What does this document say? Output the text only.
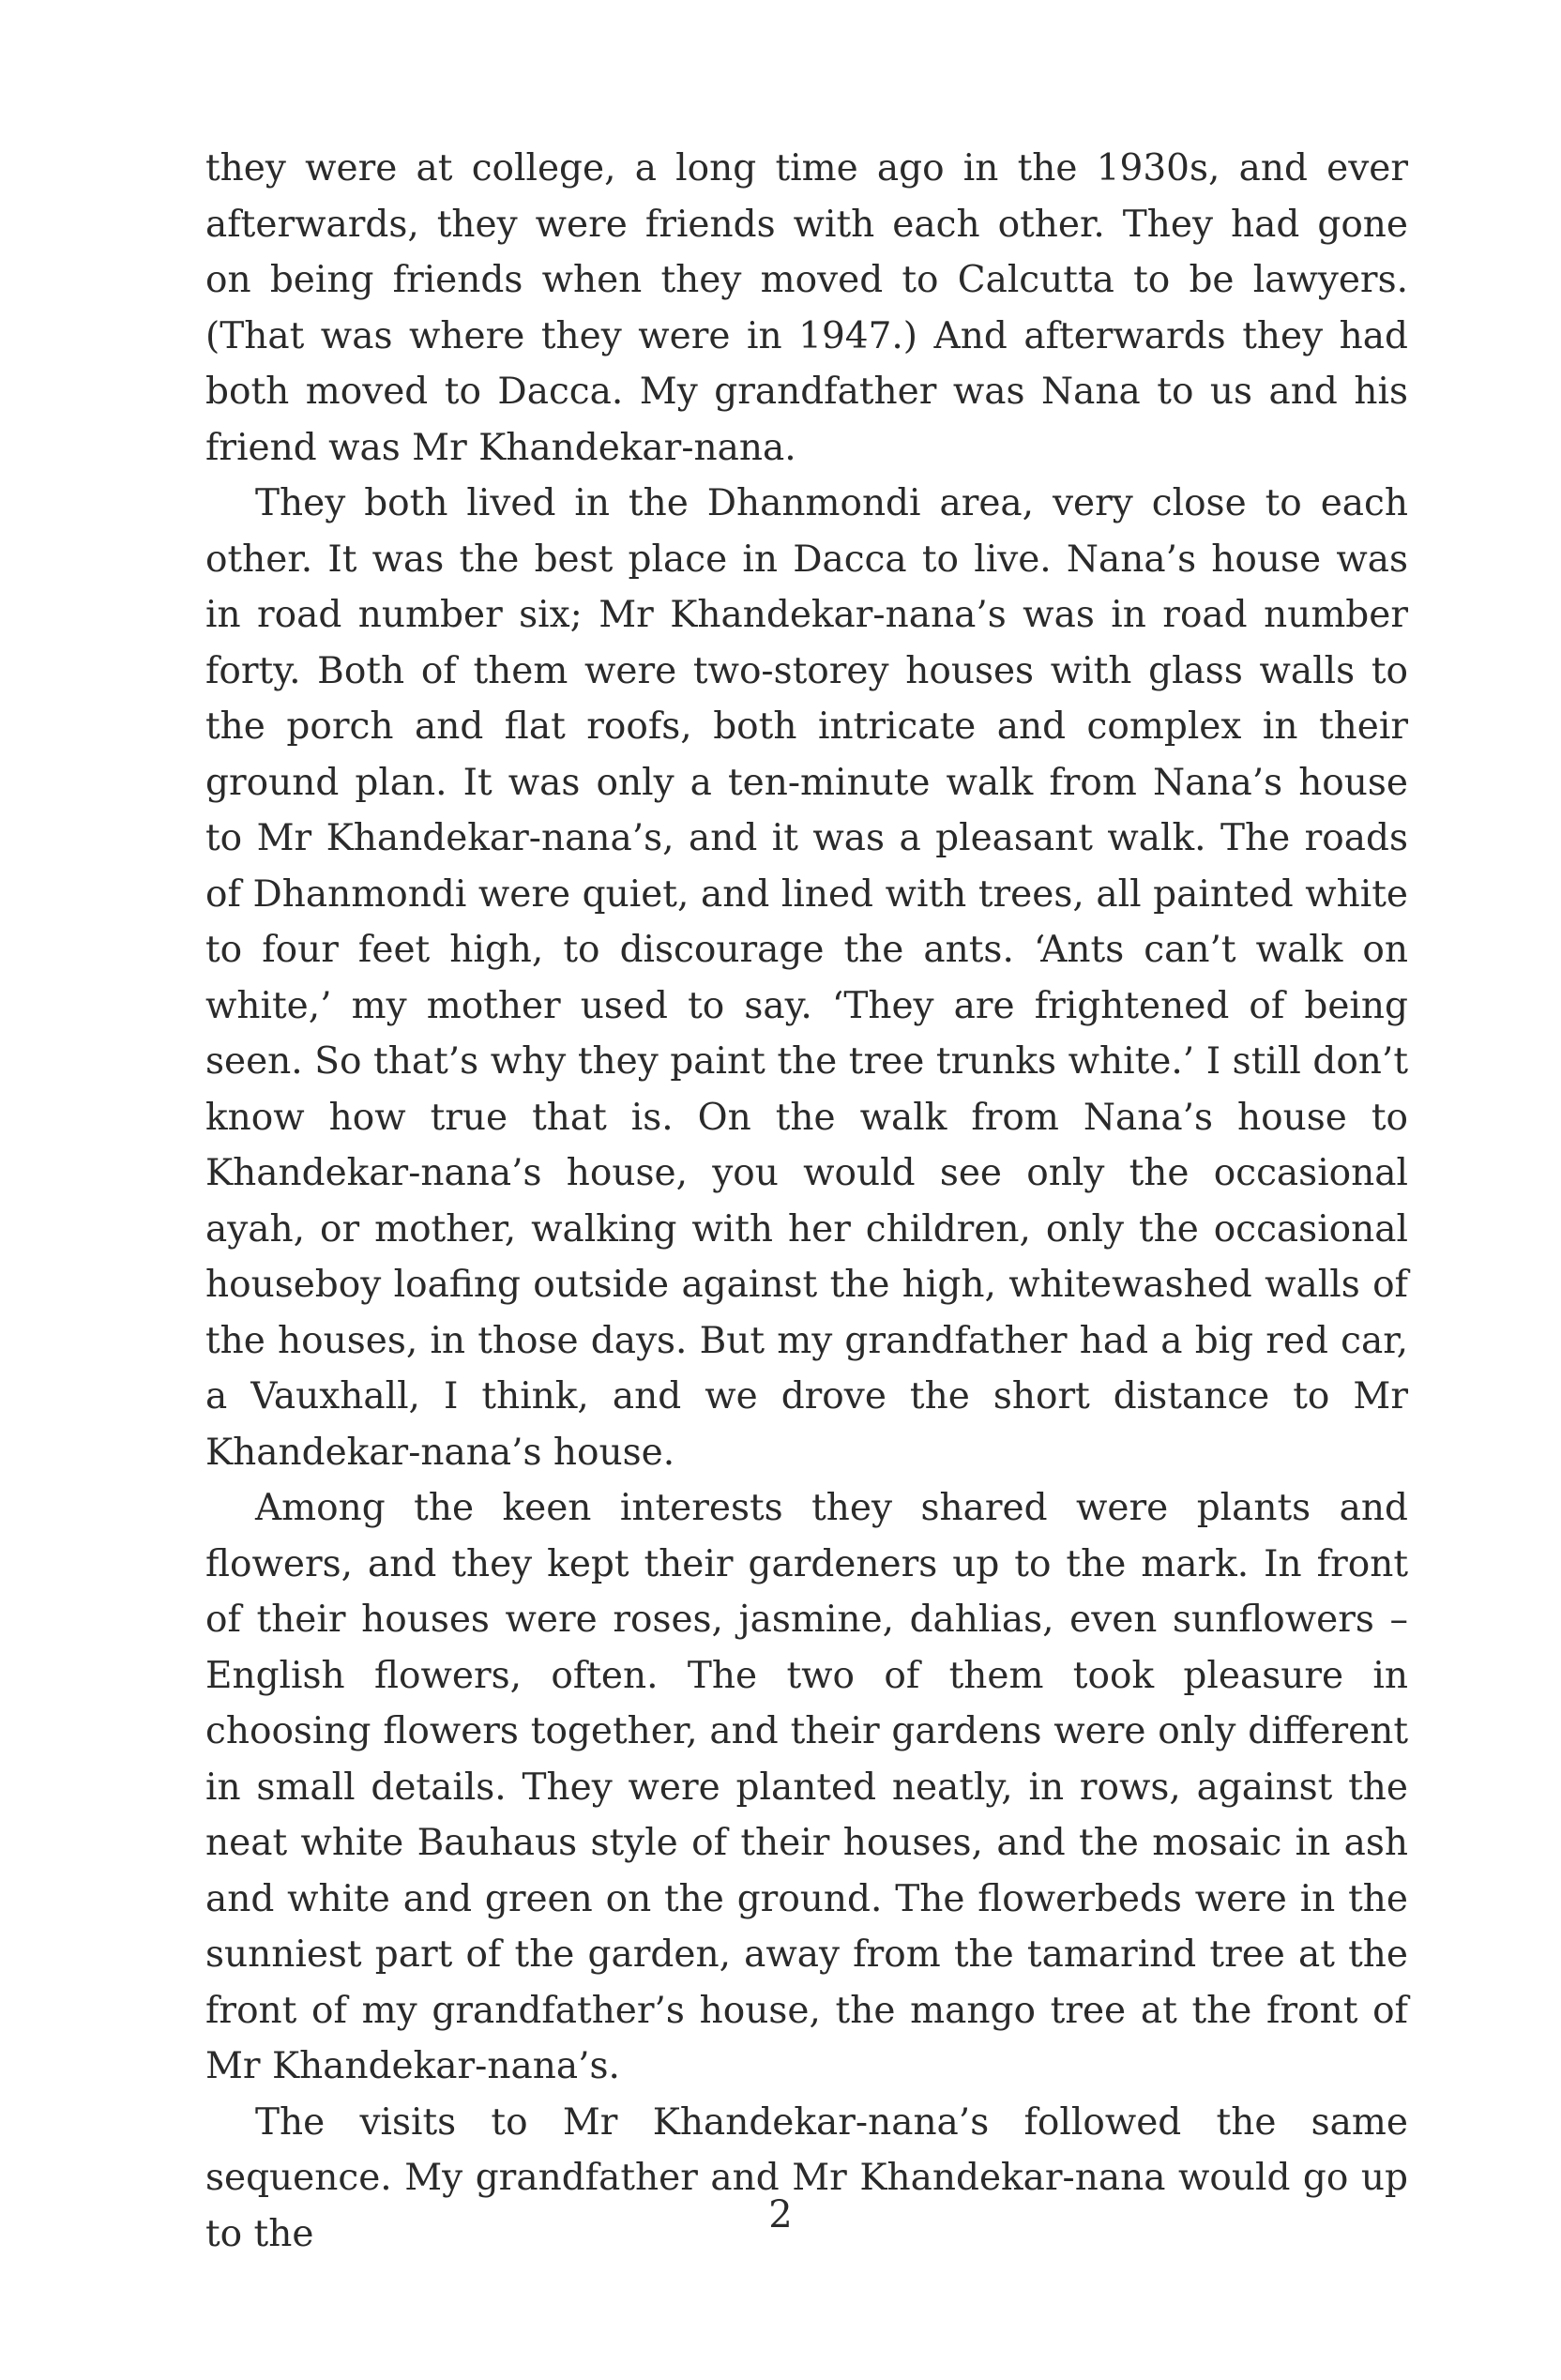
they were at college, a long time ago in the 1930s, and ever afterwards, they were friends with each other. They had gone on being friends when they moved to Calcutta to be lawyers. (That was where they were in 1947.) And afterwards they had both moved to Dacca. My grandfather was Nana to us and his friend was Mr Khandekar-nana.

They both lived in the Dhanmondi area, very close to each other. It was the best place in Dacca to live. Nana’s house was in road number six; Mr Khandekar-nana’s was in road number forty. Both of them were two-storey houses with glass walls to the porch and flat roofs, both intricate and complex in their ground plan. It was only a ten-minute walk from Nana’s house to Mr Khandekar-nana’s, and it was a pleasant walk. The roads of Dhanmondi were quiet, and lined with trees, all painted white to four feet high, to discourage the ants. ‘Ants can’t walk on white,’ my mother used to say. ‘They are frightened of being seen. So that’s why they paint the tree trunks white.’ I still don’t know how true that is. On the walk from Nana’s house to Khandekar-nana’s house, you would see only the occasional ayah, or mother, walking with her children, only the occasional houseboy loafing outside against the high, whitewashed walls of the houses, in those days. But my grandfather had a big red car, a Vauxhall, I think, and we drove the short distance to Mr Khandekar-nana’s house.

Among the keen interests they shared were plants and flowers, and they kept their gardeners up to the mark. In front of their houses were roses, jasmine, dahlias, even sunflowers – English flowers, often. The two of them took pleasure in choosing flowers together, and their gardens were only different in small details. They were planted neatly, in rows, against the neat white Bauhaus style of their houses, and the mosaic in ash and white and green on the ground. The flowerbeds were in the sunniest part of the garden, away from the tamarind tree at the front of my grandfather’s house, the mango tree at the front of Mr Khandekar-nana’s.

The visits to Mr Khandekar-nana’s followed the same sequence. My grandfather and Mr Khandekar-nana would go up to the	2
